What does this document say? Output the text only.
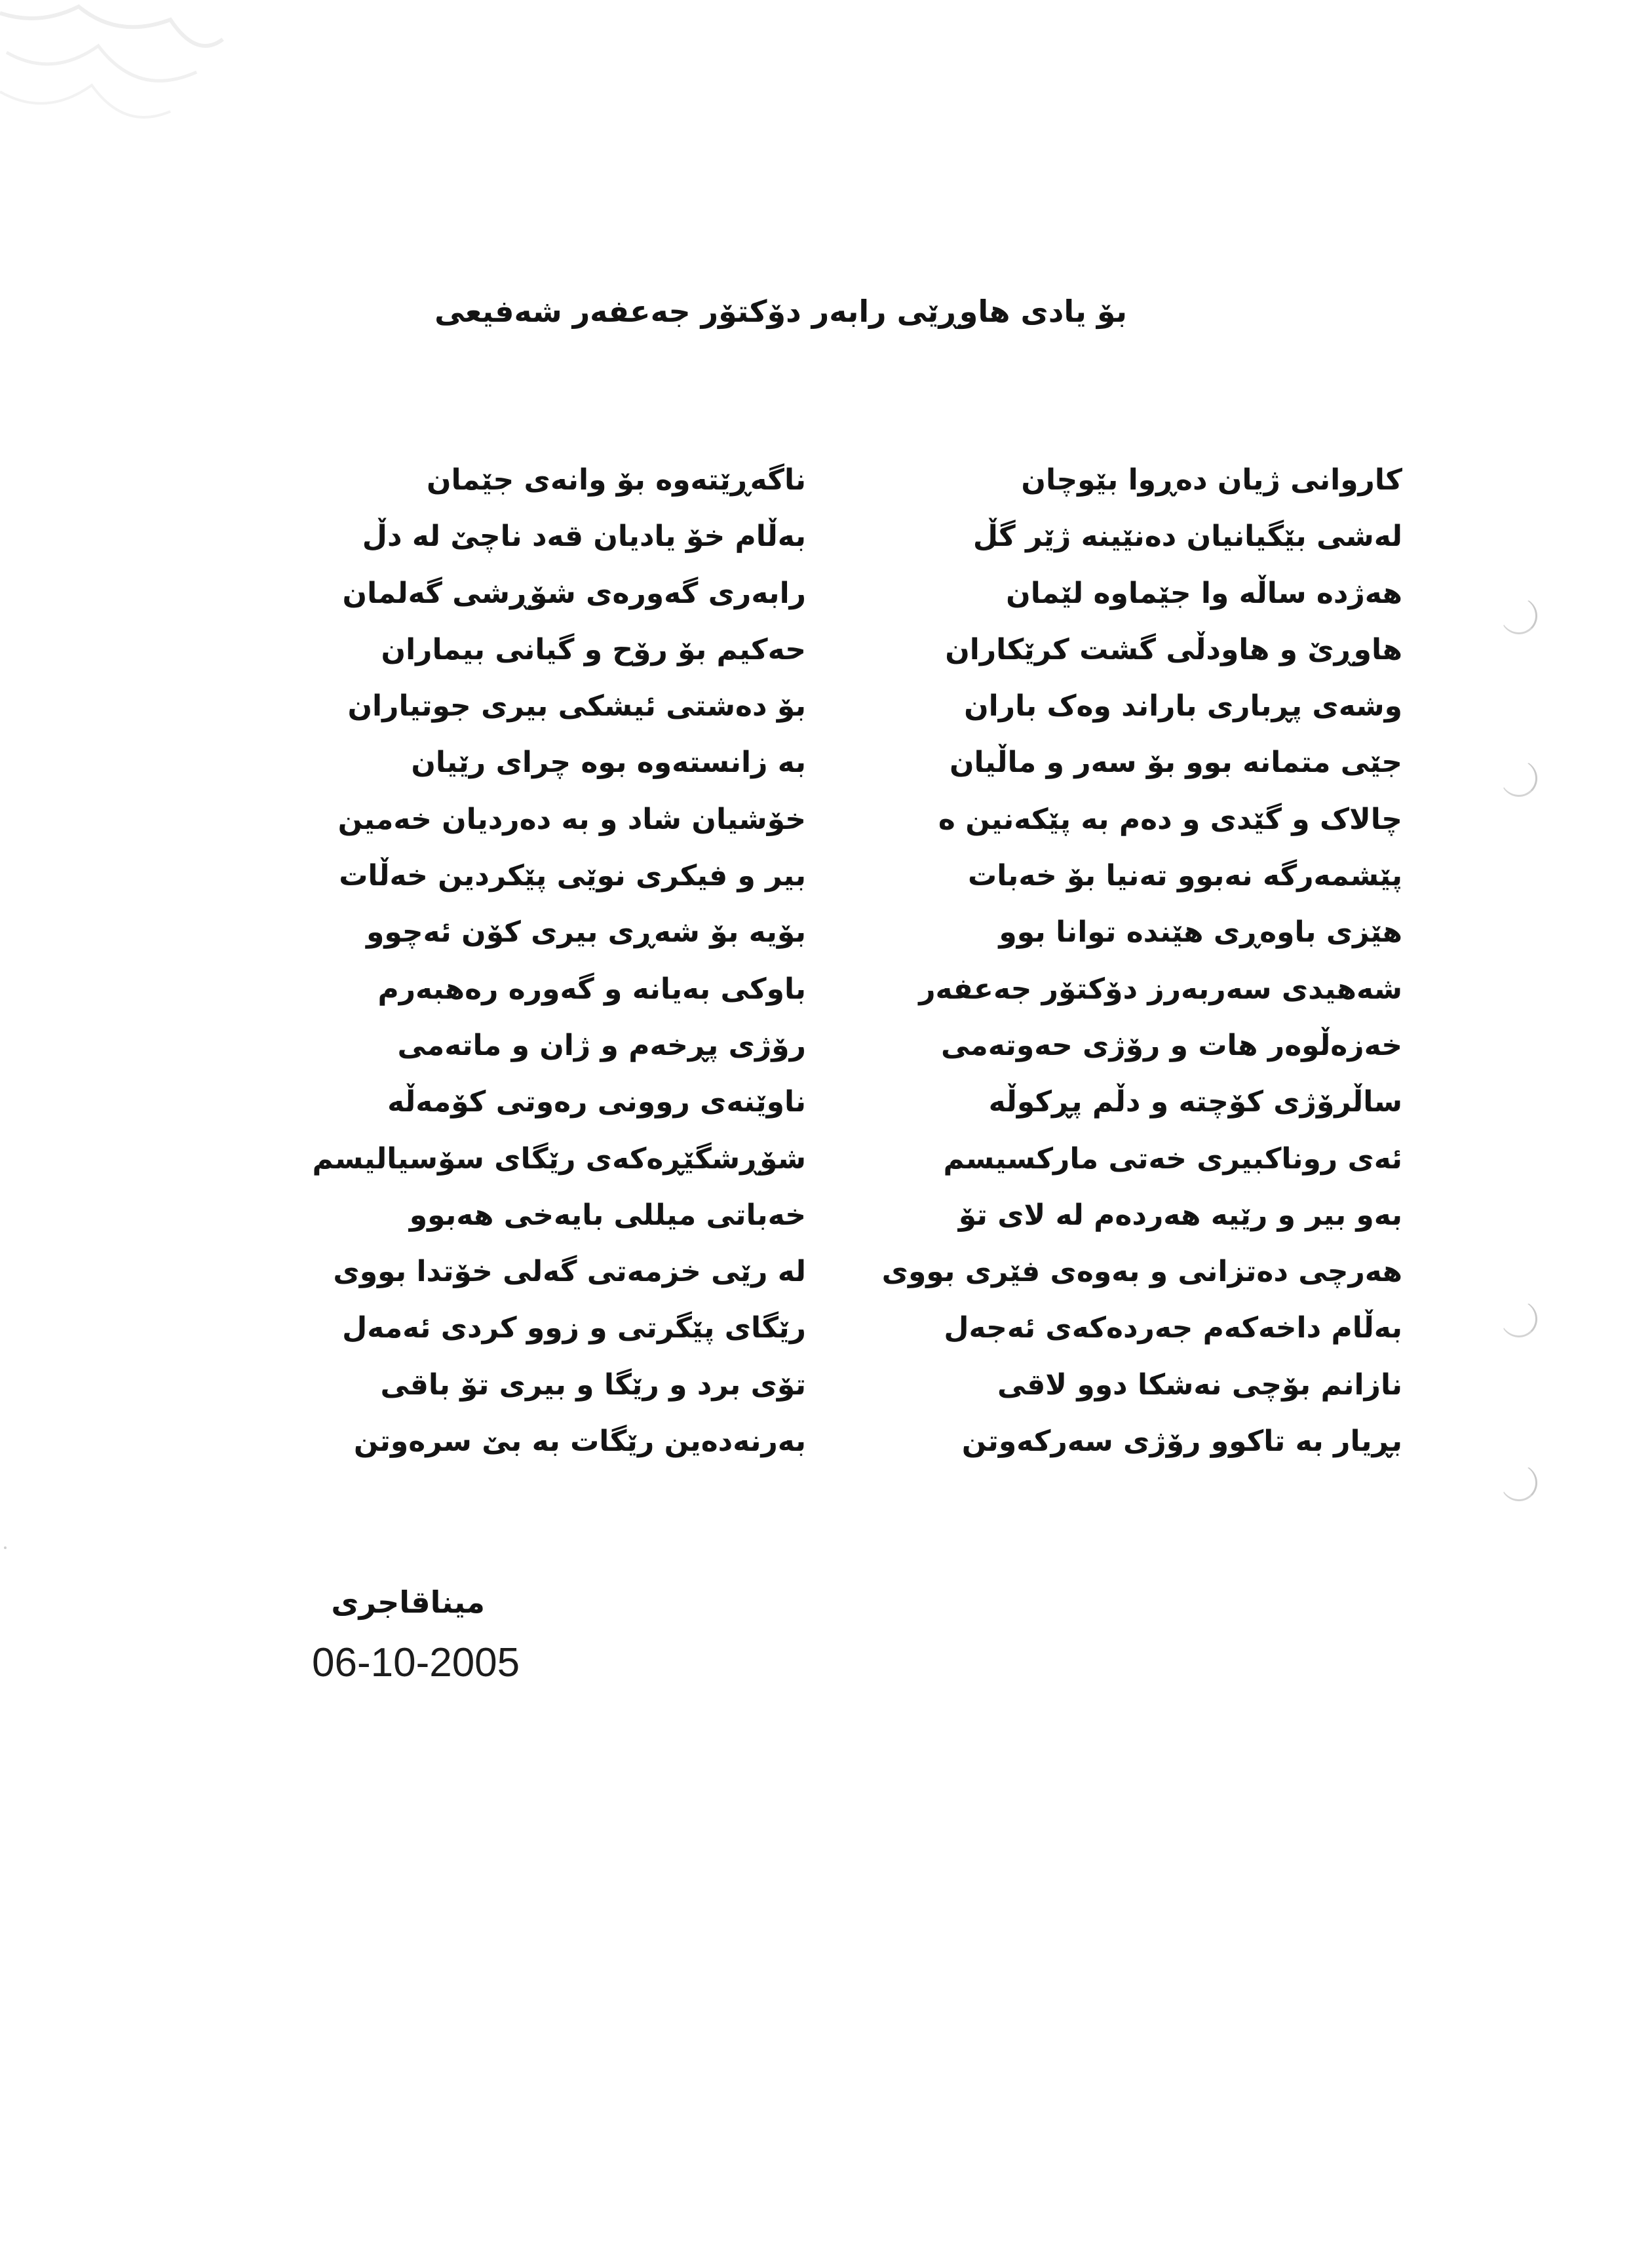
بۆ یادی هاوڕێی رابەر دۆکتۆر جەعفەر شەفیعی
کاروانی ژیان دەڕوا بێوچان
لەشی بێگیانیان دەنێینە ژێر گڵ
هەژدە ساڵە وا جێماوە لێمان
هاوڕێ و هاودڵی گشت کرێکاران
وشەی پڕباری باراند وەک باران
جێی متمانە بوو بۆ سەر و ماڵیان
چالاک و گێدی و دەم بە پێکەنین ە
پێشمەرگە نەبوو تەنیا بۆ خەبات
هێزی باوەڕی هێندە توانا بوو
شەهیدی سەربەرز دۆکتۆر جەعفەر
خەزەڵوەر هات و رۆژی حەوتەمی
ساڵرۆژی کۆچتە و دڵم پڕکوڵە
ئەی روناکبیری خەتی مارکسیسم
بەو بیر و رێیە هەردەم لە لای تۆ
هەرچی دەتزانی و بەوەی فێری بووی
بەڵام داخەکەم جەردەکەی ئەجەل
نازانم بۆچی نەشکا دوو لاقی
بڕیار بە تاکوو رۆژی سەرکەوتن
ناگەڕێتەوە بۆ وانەی جێمان
بەڵام خۆ یادیان قەد ناچێ لە دڵ
رابەری گەورەی شۆڕشی گەلمان
حەکیم بۆ رۆح و گیانی بیماران
بۆ دەشتی ئیشکی بیری جوتیاران
بە زانستەوە بوە چرای رێیان
خۆشیان شاد و بە دەردیان خەمین
بیر و فیکری نوێی پێکردین خەڵات
بۆیە بۆ شەڕی بیری کۆن ئەچوو
باوکی بەیانە و گەورە رەهبەرم
رۆژی پڕخەم و ژان و ماتەمی
ناوێنەی روونی رەوتی کۆمەڵە
شۆڕشگێڕەکەی رێگای سۆسیالیسم
خەباتی میللی بایەخی هەبوو
لە رێی خزمەتی گەلی خۆتدا بووی
رێگای پێگرتی و زوو کردی ئەمەل
تۆی برد و رێگا و بیری تۆ باقی
بەرنەدەین رێگات بە بێ سرەوتن
میناقاجری
06-10-2005
